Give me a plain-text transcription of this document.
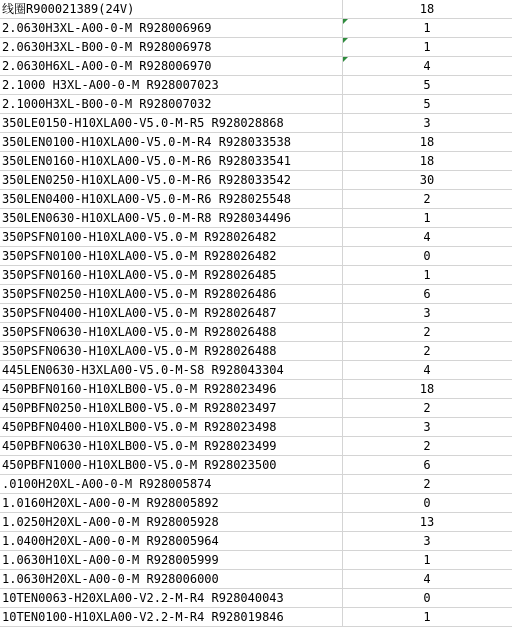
线圈R900021389(24V)	18
2.0630H3XL-A00-0-M R928006969	1

2.0630H3XL-B00-0-M R928006978	1

2.0630H6XL-A00-0-M R928006970	4

2.1000 H3XL-A00-0-M R928007023	5
2.1000H3XL-B00-0-M R928007032	5
350LE0150-H10XLA00-V5.0-M-R5 R928028868	3
350LEN0100-H10XLA00-V5.0-M-R4 R928033538	18
350LEN0160-H10XLA00-V5.0-M-R6 R928033541	18
350LEN0250-H10XLA00-V5.0-M-R6 R928033542	30
350LEN0400-H10XLA00-V5.0-M-R6 R928025548	2
350LEN0630-H10XLA00-V5.0-M-R8 R928034496	1
350PSFN0100-H10XLA00-V5.0-M R928026482	4
350PSFN0100-H10XLA00-V5.0-M R928026482	0
350PSFN0160-H10XLA00-V5.0-M R928026485	1
350PSFN0250-H10XLA00-V5.0-M R928026486	6
350PSFN0400-H10XLA00-V5.0-M R928026487	3
350PSFN0630-H10XLA00-V5.0-M R928026488	2
350PSFN0630-H10XLA00-V5.0-M R928026488	2
445LEN0630-H3XLA00-V5.0-M-S8 R928043304	4
450PBFN0160-H10XLB00-V5.0-M R928023496	18
450PBFN0250-H10XLB00-V5.0-M R928023497	2
450PBFN0400-H10XLB00-V5.0-M R928023498	3
450PBFN0630-H10XLB00-V5.0-M R928023499	2
450PBFN1000-H10XLB00-V5.0-M R928023500	6
.0100H20XL-A00-0-M R928005874	2
1.0160H20XL-A00-0-M R928005892	0
1.0250H20XL-A00-0-M R928005928	13
1.0400H20XL-A00-0-M R928005964	3
1.0630H10XL-A00-0-M R928005999	1
1.0630H20XL-A00-0-M R928006000	4
10TEN0063-H20XLA00-V2.2-M-R4 R928040043	0
10TEN0100-H10XLA00-V2.2-M-R4 R928019846	1
